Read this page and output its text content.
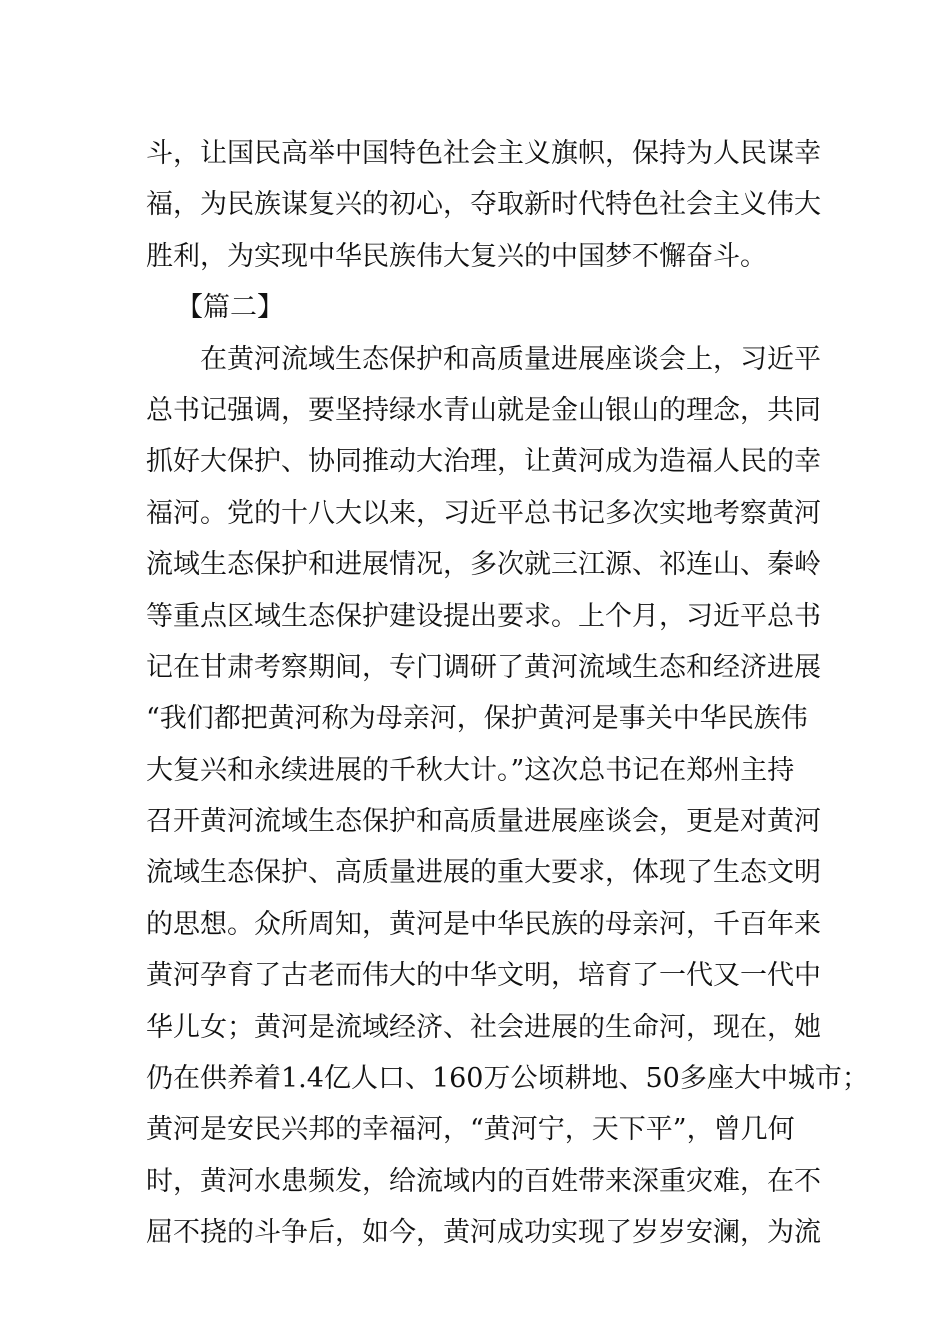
斗，让国民高举中国特色社会主义旗帜，保持为人民谋幸
福，为民族谋复兴的初心，夺取新时代特色社会主义伟大
胜利，为实现中华民族伟大复兴的中国梦不懈奋斗。
【篇二】
在黄河流域生态保护和高质量进展座谈会上，习近平
总书记强调，要坚持绿水青山就是金山银山的理念，共同
抓好大保护、协同推动大治理，让黄河成为造福人民的幸
福河。党的十八大以来，习近平总书记多次实地考察黄河
流域生态保护和进展情况，多次就三江源、祁连山、秦岭
等重点区域生态保护建设提出要求。上个月，习近平总书
记在甘肃考察期间，专门调研了黄河流域生态和经济进展
“我们都把黄河称为母亲河，保护黄河是事关中华民族伟
大复兴和永续进展的千秋大计。”这次总书记在郑州主持
召开黄河流域生态保护和高质量进展座谈会，更是对黄河
流域生态保护、高质量进展的重大要求，体现了生态文明
的思想。众所周知，黄河是中华民族的母亲河，千百年来
黄河孕育了古老而伟大的中华文明，培育了一代又一代中
华儿女；黄河是流域经济、社会进展的生命河，现在，她
仍在供养着1.4亿人口、160万公顷耕地、50多座大中城市；
黄河是安民兴邦的幸福河，“黄河宁，天下平”，曾几何
时，黄河水患频发，给流域内的百姓带来深重灾难，在不
屈不挠的斗争后，如今，黄河成功实现了岁岁安澜，为流
